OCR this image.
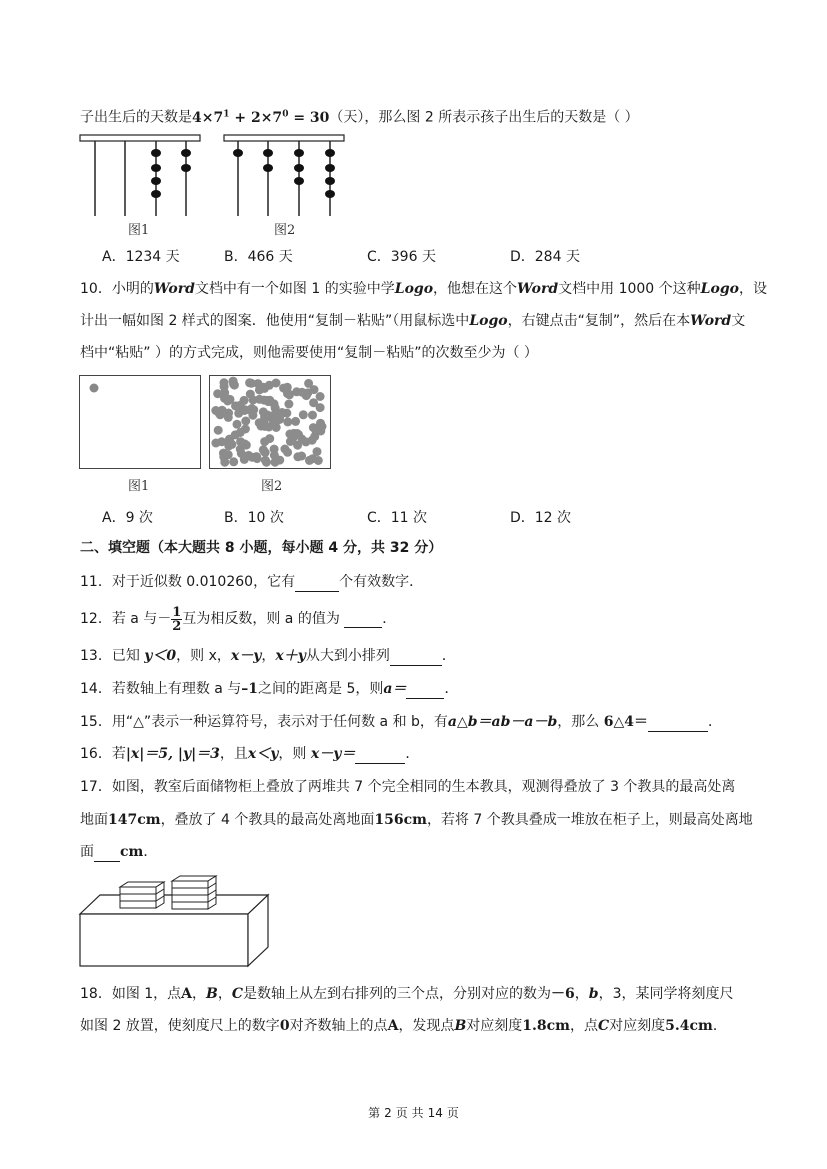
子出生后的天数是$4\times 7^1 + 2\times 7^0 = 30$（天），那么图 2 所表示孩子出生后的天数是（ ）
图1	图2
A．1234 天	B．466 天	C．396 天	D．284 天
10．小明的Word文档中有一个如图 1 的实验中学Logo，他想在这个Word文档中用 1000 个这种Logo，设
计出一幅如图 2 样式的图案．他使用“复制－粘贴”（用鼠标选中Logo，右键点击“复制”，然后在本Word文
档中“粘贴” ）的方式完成，则他需要使用“复制－粘贴”的次数至少为（ ）
图1	图2
A．9 次	B．10 次	C．11 次	D．12 次
二、填空题（本大题共 8 小题，每小题 4 分，共 32 分）
11．对于近似数 0.010260，它有	个有效数字．
12．若 a 与－ $\frac{1}{2}$ 互为相反数，则 a 的值为	．
13．已知 y＜0，则 x，x－y，x＋y从大到小排列	．
14．若数轴上有理数 a 与–1之间的距离是 5，则a＝	．
15．用“△”表示一种运算符号，表示对于任何数 a 和 b，有a△b＝ab－a－b，那么 6△4＝	．
16．若|x|＝5, |y|＝3，且x＜y，则 x－y＝	．
17．如图，教室后面储物柜上叠放了两堆共 7 个完全相同的生本教具，观测得叠放了 3 个教具的最高处离
地面147cm，叠放了 4 个教具的最高处离地面156cm，若将 7 个教具叠成一堆放在柜子上，则最高处离地
面 cm．
18．如图 1，点A，B，C是数轴上从左到右排列的三个点，分别对应的数为－6，b，3，某同学将刻度尺
如图 2 放置，使刻度尺上的数字0对齐数轴上的点A，发现点B对应刻度1.8cm，点C对应刻度5.4cm．
第 2 页 共 14 页
